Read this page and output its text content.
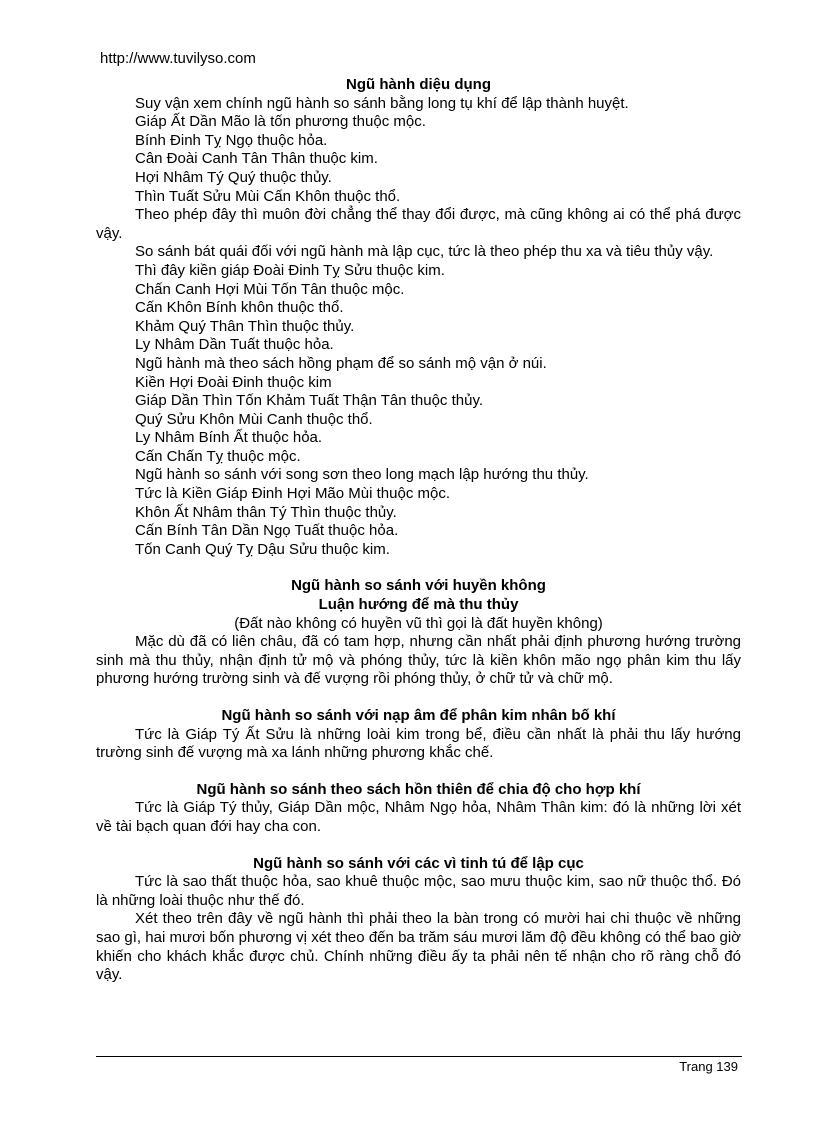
http://www.tuvilyso.com
Ngũ hành diệu dụng
Suy vận xem chính ngũ hành so sánh bằng long tụ khí để lập thành huyệt.
Giáp Ất Dần Mão là tốn phương thuộc mộc.
Bính Đinh Tỵ Ngọ thuộc hỏa.
Cân Đoài Canh Tân Thân thuộc kim.
Hợi Nhâm Tý Quý thuộc thủy.
Thìn Tuất Sửu Mùi Cấn Khôn thuộc thổ.
Theo phép đây thì muôn đời chẳng thể thay đổi được, mà cũng không ai có thể phá được vậy.
So sánh bát quái đối với ngũ hành mà lập cục, tức là theo phép thu xa và tiêu thủy vậy.
Thì đây kiền giáp Đoài Đinh Tỵ Sửu thuộc kim.
Chấn Canh Hợi Mùi Tốn Tân thuộc mộc.
Cấn Khôn Bính khôn thuộc thổ.
Khảm Quý Thân Thìn thuộc thủy.
Ly Nhâm Dần Tuất thuộc hỏa.
Ngũ hành mà theo sách hồng phạm để so sánh mộ vận ở núi.
Kiền Hợi Đoài Đinh thuộc kim
Giáp Dần Thìn Tốn Khảm Tuất Thận Tân thuộc thủy.
Quý Sửu Khôn Mùi Canh thuộc thổ.
Ly Nhâm Bính Ất thuộc hỏa.
Cấn Chấn Tỵ thuộc mộc.
Ngũ hành so sánh với song sơn theo long mạch lập hướng thu thủy.
Tức là Kiền Giáp Đinh Hợi Mão Mùi thuộc mộc.
Khôn Ất Nhâm thân Tý Thìn thuộc thủy.
Cấn Bính Tân Dần Ngọ Tuất thuộc hỏa.
Tốn Canh Quý Tỵ Dậu Sửu thuộc kim.
Ngũ hành so sánh với huyền không
Luận hướng để mà thu thủy
(Đất nào không có huyền vũ thì gọi là đất huyền không)
Mặc dù đã có liên châu, đã có tam hợp, nhưng cần nhất phải định phương hướng trường sinh mà thu thủy, nhận định tử mộ và phóng thủy, tức là kiền khôn mão ngọ phân kim thu lấy phương hướng trường sinh và đế vượng rồi phóng thủy, ở chữ tử và chữ mộ.
Ngũ hành so sánh với nạp âm để phân kim nhân bố khí
Tức là Giáp Tý Ất Sửu là những loài kim trong bể, điều cần nhất là phải thu lấy hướng trường sinh đế vượng mà xa lánh những phương khắc chế.
Ngũ hành so sánh theo sách hồn thiên để chia độ cho hợp khí
Tức là Giáp Tý thủy, Giáp Dần mộc, Nhâm Ngọ hỏa, Nhâm Thân kim: đó là những lời xét về tài bạch quan đới hay cha con.
Ngũ hành so sánh với các vì tinh tú để lập cục
Tức là sao thất thuộc hỏa, sao khuê thuộc mộc, sao mưu thuộc kim, sao nữ thuộc thổ. Đó là những loài thuộc như thế đó.
Xét theo trên đây về ngũ hành thì phải theo la bàn trong có mười hai chi thuộc về những sao gì, hai mươi bốn phương vị xét theo đến ba trăm sáu mươi lăm độ đều không có thể bao giờ khiến cho khách khắc được chủ. Chính những điều ấy ta phải nên tế nhận cho rõ ràng chỗ đó vậy.
Trang 139
